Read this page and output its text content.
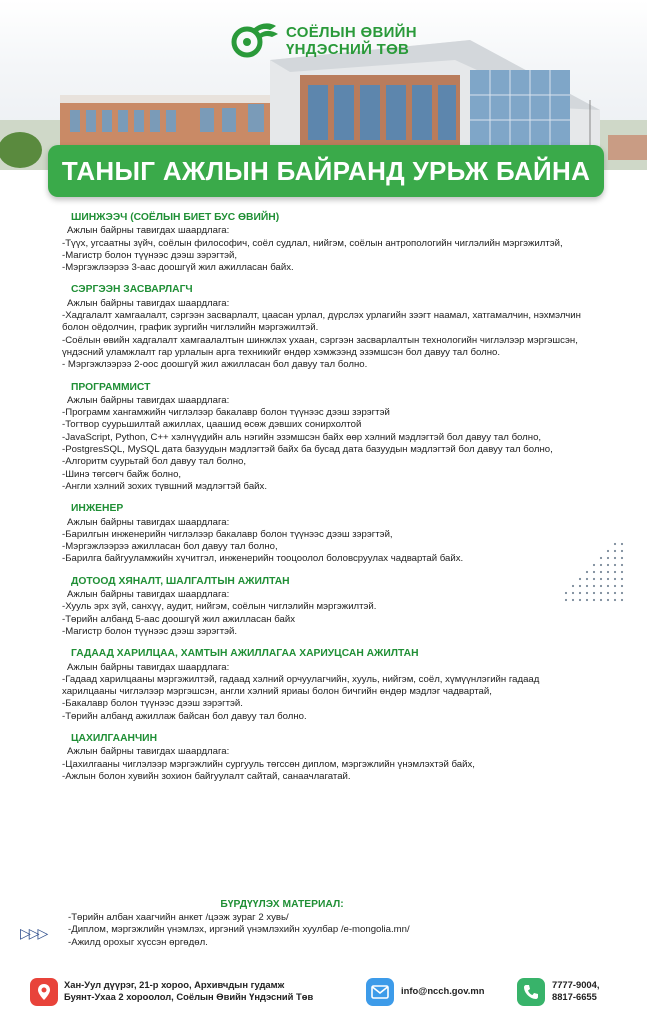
СОЁЛЫН ӨВИЙН
ҮНДЭСНИЙ ТӨВ
ТАНЫГ АЖЛЫН БАЙРАНД УРЬЖ БАЙНА
ШИНЖЭЭЧ (СОЁЛЫН БИЕТ БУС ӨВИЙН)
Ажлын байрны тавигдах шаардлага:
-Түүх, угсаатны зүйч, соёлын философич, соёл судлал, нийгэм, соёлын антропологийн чиглэлийн мэргэжилтэй,
-Магистр болон түүнээс дээш зэрэгтэй,
-Мэргэжлээрээ 3-аас доошгүй жил ажилласан байх.
СЭРГЭЭН ЗАСВАРЛАГЧ
Ажлын байрны тавигдах шаардлага:
-Хадгалалт хамгаалалт, сэргээн засварлалт, цаасан урлал, дүрслэх урлагийн зээгт наамал, хатгамалчин, нэхмэлчин болон оёдолчин, график зургийн чиглэлийн мэргэжилтэй.
-Соёлын өвийн хадгалалт хамгаалалтын шинжлэх ухаан, сэргээн засварлалтын технологийн чиглэлээр мэргэшсэн, үндэсний уламжлалт гар урлалын арга техникийг өндөр хэмжээнд эзэмшсэн бол давуу тал болно.
- Мэргэжлээрээ 2-оос доошгүй жил ажилласан бол давуу тал болно.
ПРОГРАММИСТ
Ажлын байрны тавигдах шаардлага:
-Программ хангамжийн чиглэлээр бакалавр болон түүнээс дээш зэрэгтэй
-Тогтвор суурьшилтай ажиллах, цаашид өсөж дэвших сонирхолтой
-JavaScript, Python, C++ хэлнүүдийн аль нэгийн эзэмшсэн байх өөр хэлний мэдлэгтэй бол давуу тал болно,
-PostgresSQL, MySQL дата базуудын мэдлэгтэй байх ба бусад дата базуудын мэдлэгтэй бол давуу тал болно,
-Алгоритм суурьтай бол давуу тал болно,
-Шинэ төгсөгч байж болно,
-Англи хэлний зохих түвшний мэдлэгтэй байх.
ИНЖЕНЕР
Ажлын байрны тавигдах шаардлага:
-Барилгын инженерийн чиглэлээр бакалавр болон түүнээс дээш зэрэгтэй,
-Мэргэжлээрээ ажилласан бол давуу тал болно,
-Барилга байгууламжийн хүчитгэл, инженерийн тооцоолол боловсруулах чадвартай байх.
ДОТООД ХЯНАЛТ, ШАЛГАЛТЫН АЖИЛТАН
Ажлын байрны тавигдах шаардлага:
-Хууль эрх зүй, санхүү, аудит, нийгэм, соёлын чиглэлийн мэргэжилтэй.
-Төрийн албанд 5-аас доошгүй жил ажилласан байх
-Магистр болон түүнээс дээш зэрэгтэй.
ГАДААД ХАРИЛЦАА, ХАМТЫН АЖИЛЛАГАА ХАРИУЦСАН АЖИЛТАН
Ажлын байрны тавигдах шаардлага:
-Гадаад харилцааны мэргэжилтэй, гадаад хэлний орчуулагчийн, хууль, нийгэм, соёл, хүмүүнлэгийн гадаад харилцааны чиглэлээр мэргэшсэн, англи хэлний яриаы болон бичгийн өндөр мэдлэг чадвартай,
-Бакалавр болон түүнээс дээш зэрэгтэй.
-Төрийн албанд ажиллаж байсан бол давуу тал болно.
ЦАХИЛГААНЧИН
Ажлын байрны тавигдах шаардлага:
-Цахилгааны чиглэлээр мэргэжлийн сургууль төгссөн диплом, мэргэжлийн үнэмлэхтэй байх,
-Ажлын болон хувийн зохион байгуулалт сайтай, санаачлагатай.
▷▷▷
БҮРДҮҮЛЭХ МАТЕРИАЛ:
-Төрийн албан хаагчийн анкет /цээж зураг 2 хувь/
-Диплом, мэргэжлийн үнэмлэх, иргэний үнэмлэхийн хуулбар /e-mongolia.mn/
-Ажилд орохыг хүссэн өргөдөл.
Хан-Уул дүүрэг, 21-р хороо, Архивчдын гудамж
Буянт-Ухаа 2 хороолол, Соёлын Өвийн Үндэсний Төв
info@ncch.gov.mn
7777-9004,
8817-6655
